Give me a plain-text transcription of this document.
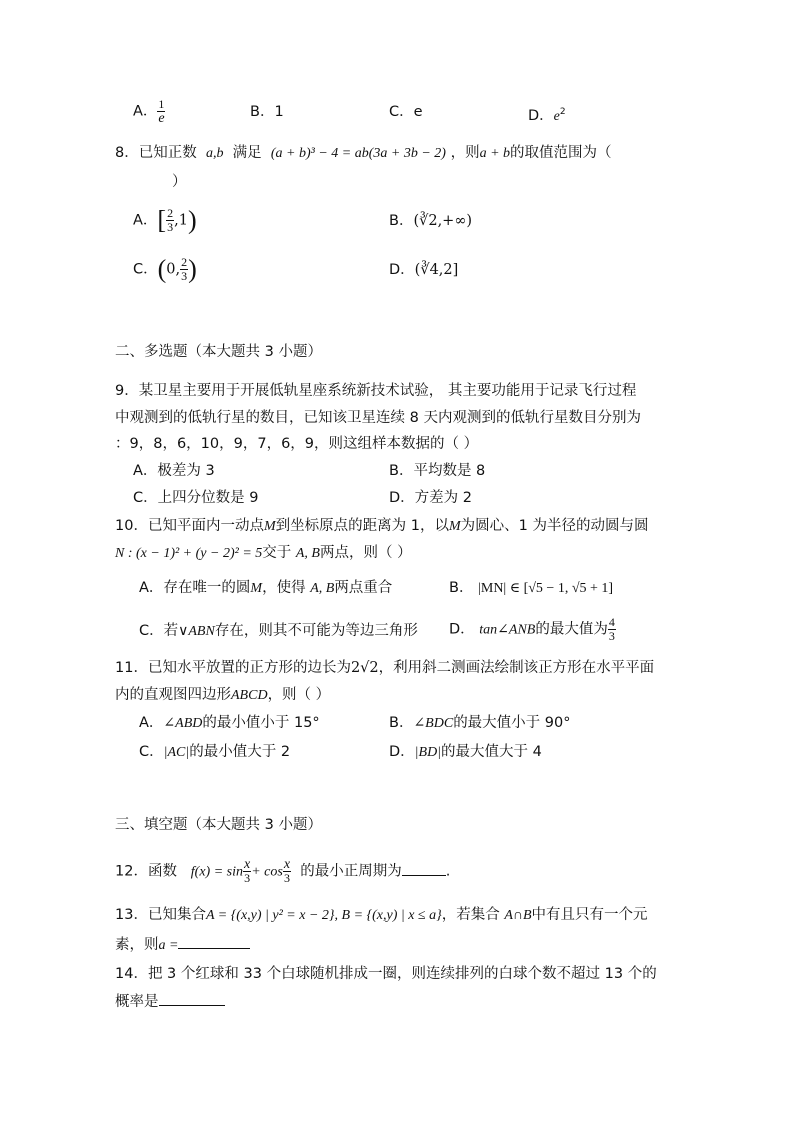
A． $\frac{1}{e}$	B．1	C．e	D．$e^2$
8．已知正数 a,b 满足 (a + b)³ − 4 = ab(3a + 3b − 2) ，则a + b的取值范围为（
）
A．[ $\frac{2}{3} ,1$)	B．(∛2,+∞)
C．(0, $\frac{2}{3}$ )	D．(∛4,2]
二、多选题（本大题共 3 小题）
9．某卫星主要用于开展低轨星座系统新技术试验， 其主要功能用于记录飞行过程
中观测到的低轨行星的数目，已知该卫星连续 8 天内观测到的低轨行星数目分别为
：9，8，6，10，9，7，6，9，则这组样本数据的（ ）
A．极差为 3	B．平均数是 8
C．上四分位数是 9	D．方差为 2
10．已知平面内一动点M到坐标原点的距离为 1，以M为圆心、1 为半径的动圆与圆
N : (x − 1)² + (y − 2)² = 5交于 A, B两点，则（ ）
A．存在唯一的圆M，使得 A, B两点重合	B． |MN| ∈ [√5 − 1, √5 + 1]
C．若∨ABN存在，则其不可能为等边三角形 D． tan∠ANB的最大值为 $\frac{4}{3}$
11．已知水平放置的正方形的边长为2√2，利用斜二测画法绘制该正方形在水平平面
内的直观图四边形ABCD，则（ ）
A．∠ABD的最小值小于 15°	B．∠BDC的最大值小于 90°
C．|AC|的最小值大于 2	D．|BD|的最大值大于 4
三、填空题（本大题共 3 小题）
12．函数 $f(x) = \sin \frac{x}{3} + \cos \frac{x}{3}$ 的最小正周期为	.
13．已知集合A = {(x,y) | y² = x − 2}, B = {(x,y) | x ≤ a}，若集合 A∩B中有且只有一个元
素，则a =
14．把 3 个红球和 33 个白球随机排成一圈，则连续排列的白球个数不超过 13 个的
概率是
